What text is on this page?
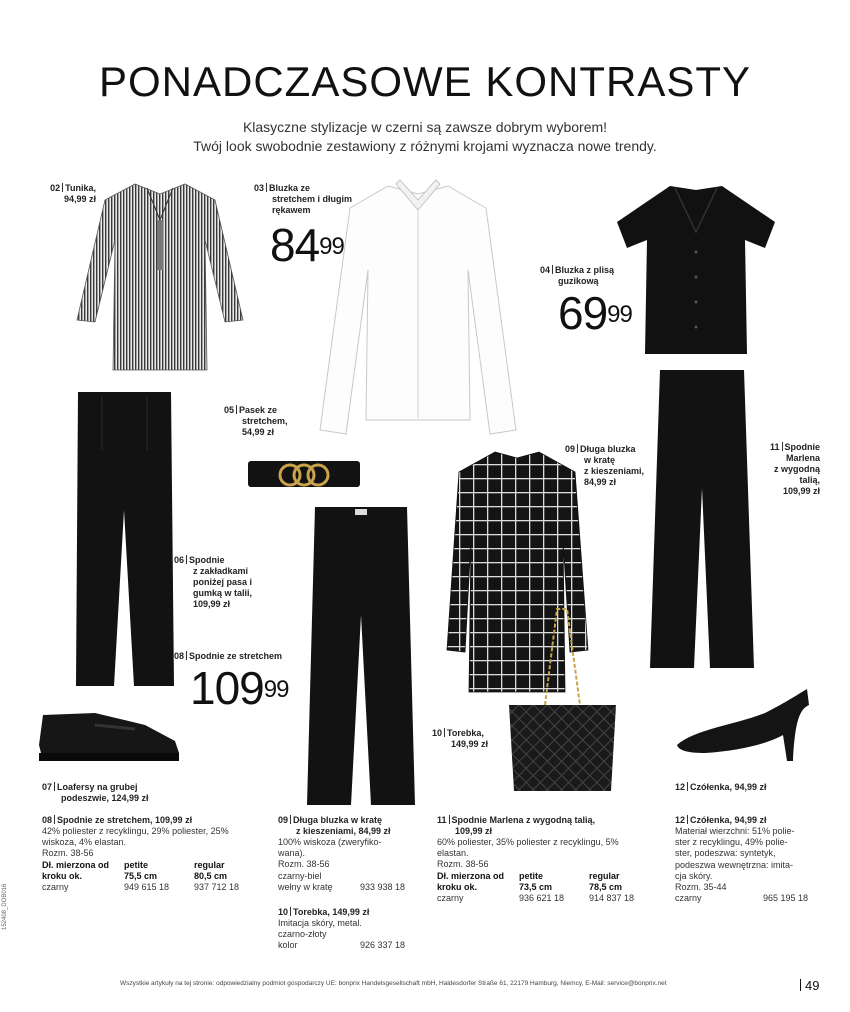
PONADCZASOWE KONTRASTY
Klasyczne stylizacje w czerni są zawsze dobrym wyborem!
Twój look swobodnie zestawiony z różnymi krojami wyznacza nowe trendy.
02 Tunika,
94,99 zł
03 Bluzka ze
stretchem i długim
rękawem
$84^{99}$
04 Bluzka z plisą
guzikową
$69^{99}$
05 Pasek ze
stretchem,
54,99 zł
06 Spodnie
z zakładkami
poniżej pasa i
gumką w talii,
109,99 zł
08 Spodnie ze stretchem
$109^{99}$
09 Długa bluzka
w kratę
z kieszeniami,
84,99 zł
11 Spodnie
Marlena
z wygodną
talią,
109,99 zł
10 Torebka,
149,99 zł
07 Loafersy na grubej
podeszwie, 124,99 zł
12 Czółenka, 94,99 zł
08 Spodnie ze stretchem, 109,99 zł
42% poliester z recyklingu, 29% poliester, 25%
wiskoza, 4% elastan.
Rozm. 38-56
Dł. mierzona od	petite	regular
kroku ok.	75,5 cm	80,5 cm
czarny	949 615 18	937 712 18
09 Długa bluzka w kratę
z kieszeniami, 84,99 zł
100% wiskoza (zweryfiko-
wana).
Rozm. 38-56
czarny-biel
wełny w kratę	933 938 18
10 Torebka, 149,99 zł
Imitacja skóry, metal.
czarno-złoty
kolor	926 337 18
11 Spodnie Marlena z wygodną talią,
109,99 zł
60% poliester, 35% poliester z recyklingu, 5%
elastan.
Rozm. 38-56
Dł. mierzona od	petite	regular
kroku ok.	73,5 cm	78,5 cm
czarny	936 621 18	914 837 18
12 Czółenka, 94,99 zł
Materiał wierzchni: 51% polie-
ster z recyklingu, 49% polie-
ster, podeszwa: syntetyk,
podeszwa wewnętrzna: imita-
cja skóry.
Rozm. 35-44
czarny	965 195 18
Wszystkie artykuły na tej stronie: odpowiedzialny podmiot gospodarczy UE: bonprix Handelsgesellschaft mbH, Haldesdorfer Straße 61, 22179 Hamburg, Niemcy, E-Mail: service@bonprix.net	49
152408_DOB016
